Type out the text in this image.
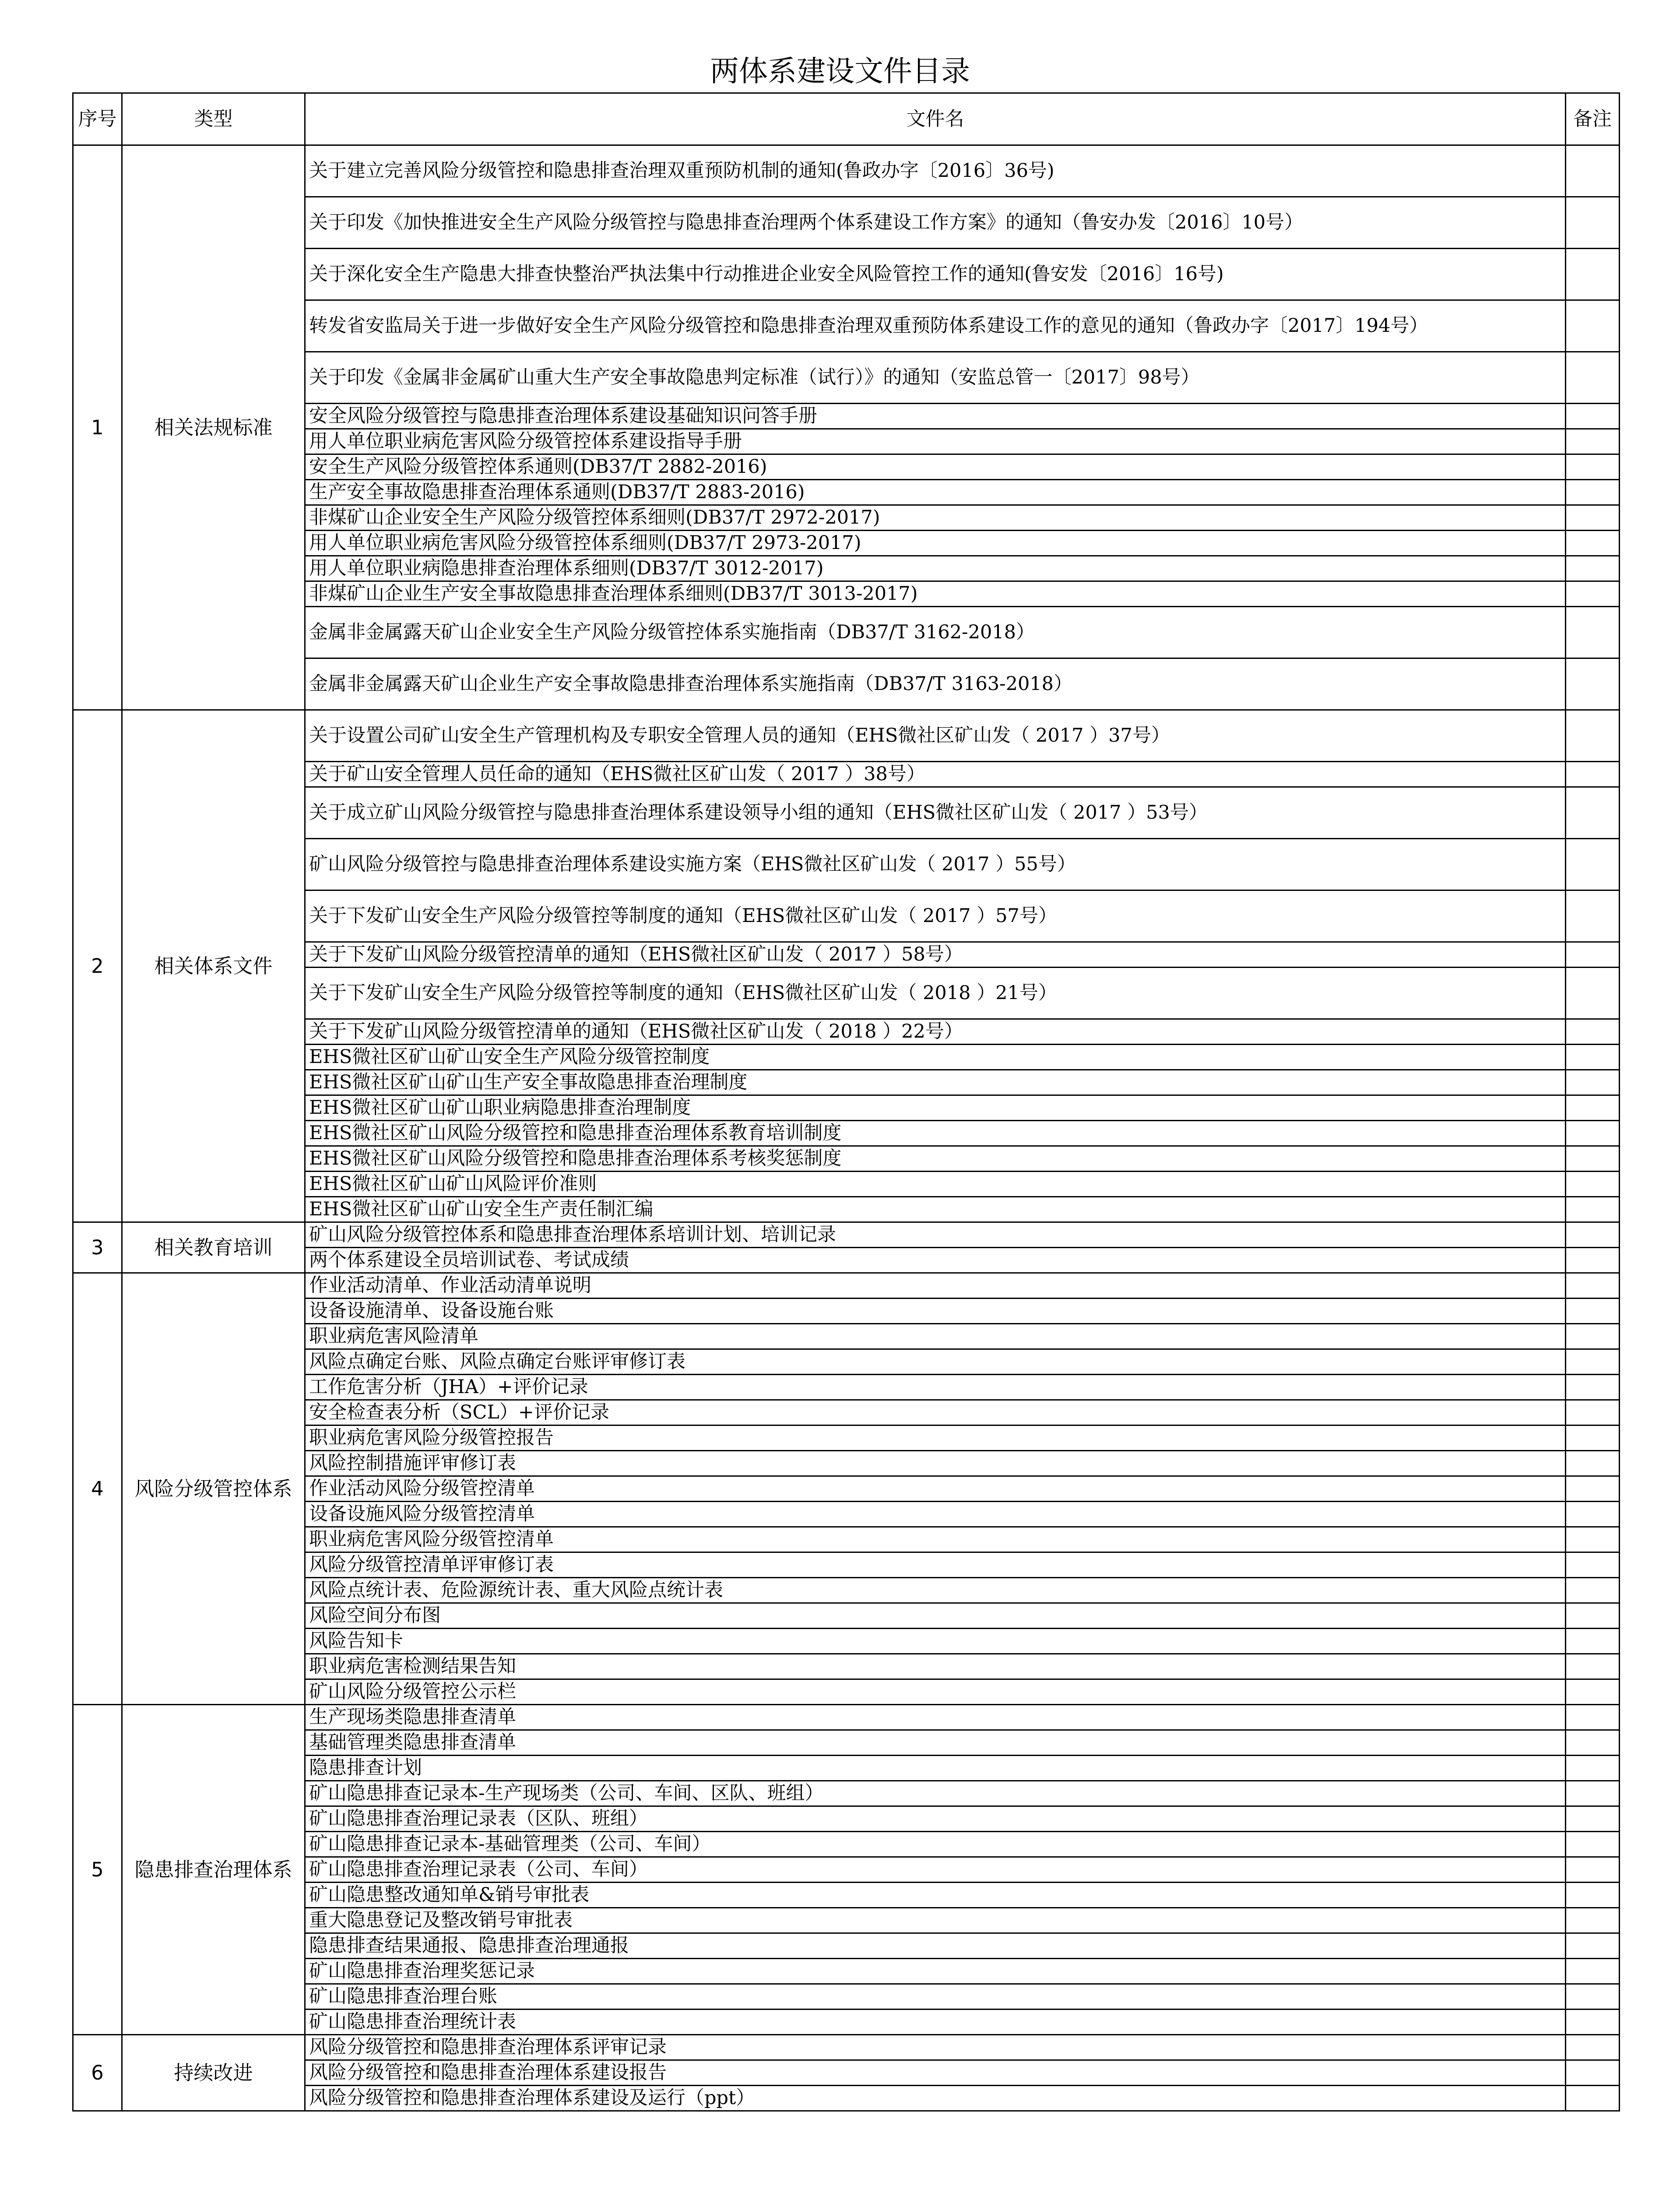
两体系建设文件目录
序号	类型	文件名	备注
1	相关法规标准	关于建立完善风险分级管控和隐患排查治理双重预防机制的通知(鲁政办字〔2016〕36号)	
		关于印发《加快推进安全生产风险分级管控与隐患排查治理两个体系建设工作方案》的通知（鲁安办发〔2016〕10号）	
		关于深化安全生产隐患大排查快整治严执法集中行动推进企业安全风险管控工作的通知(鲁安发〔2016〕16号)	
		转发省安监局关于进一步做好安全生产风险分级管控和隐患排查治理双重预防体系建设工作的意见的通知（鲁政办字〔2017〕194号）	
		关于印发《金属非金属矿山重大生产安全事故隐患判定标准（试行）》的通知（安监总管一〔2017〕98号）	
		安全风险分级管控与隐患排查治理体系建设基础知识问答手册	
		用人单位职业病危害风险分级管控体系建设指导手册	
		安全生产风险分级管控体系通则(DB37/T 2882-2016)	
		生产安全事故隐患排查治理体系通则(DB37/T 2883-2016)	
		非煤矿山企业安全生产风险分级管控体系细则(DB37/T 2972-2017)	
		用人单位职业病危害风险分级管控体系细则(DB37/T 2973-2017)	
		用人单位职业病隐患排查治理体系细则(DB37/T 3012-2017)	
		非煤矿山企业生产安全事故隐患排查治理体系细则(DB37/T 3013-2017)	
		金属非金属露天矿山企业安全生产风险分级管控体系实施指南（DB37/T 3162-2018）	
		金属非金属露天矿山企业生产安全事故隐患排查治理体系实施指南（DB37/T 3163-2018）	
2	相关体系文件	关于设置公司矿山安全生产管理机构及专职安全管理人员的通知（EHS微社区矿山发（ 2017 ）37号）	
		关于矿山安全管理人员任命的通知（EHS微社区矿山发（ 2017 ）38号）	
		关于成立矿山风险分级管控与隐患排查治理体系建设领导小组的通知（EHS微社区矿山发（ 2017 ）53号）	
		矿山风险分级管控与隐患排查治理体系建设实施方案（EHS微社区矿山发（ 2017 ）55号）	
		关于下发矿山安全生产风险分级管控等制度的通知（EHS微社区矿山发（ 2017 ）57号）	
		关于下发矿山风险分级管控清单的通知（EHS微社区矿山发（ 2017 ）58号）	
		关于下发矿山安全生产风险分级管控等制度的通知（EHS微社区矿山发（ 2018 ）21号）	
		关于下发矿山风险分级管控清单的通知（EHS微社区矿山发（ 2018 ）22号）	
		EHS微社区矿山矿山安全生产风险分级管控制度	
		EHS微社区矿山矿山生产安全事故隐患排查治理制度	
		EHS微社区矿山矿山职业病隐患排查治理制度	
		EHS微社区矿山风险分级管控和隐患排查治理体系教育培训制度	
		EHS微社区矿山风险分级管控和隐患排查治理体系考核奖惩制度	
		EHS微社区矿山矿山风险评价准则	
		EHS微社区矿山矿山安全生产责任制汇编	
3	相关教育培训	矿山风险分级管控体系和隐患排查治理体系培训计划、培训记录	
		两个体系建设全员培训试卷、考试成绩	
4	风险分级管控体系	作业活动清单、作业活动清单说明	
		设备设施清单、设备设施台账	
		职业病危害风险清单	
		风险点确定台账、风险点确定台账评审修订表	
		工作危害分析（JHA）+评价记录	
		安全检查表分析（SCL）+评价记录	
		职业病危害风险分级管控报告	
		风险控制措施评审修订表	
		作业活动风险分级管控清单	
		设备设施风险分级管控清单	
		职业病危害风险分级管控清单	
		风险分级管控清单评审修订表	
		风险点统计表、危险源统计表、重大风险点统计表	
		风险空间分布图	
		风险告知卡	
		职业病危害检测结果告知	
		矿山风险分级管控公示栏	
5	隐患排查治理体系	生产现场类隐患排查清单	
		基础管理类隐患排查清单	
		隐患排查计划	
		矿山隐患排查记录本-生产现场类（公司、车间、区队、班组）	
		矿山隐患排查治理记录表（区队、班组）	
		矿山隐患排查记录本-基础管理类（公司、车间）	
		矿山隐患排查治理记录表（公司、车间）	
		矿山隐患整改通知单&销号审批表	
		重大隐患登记及整改销号审批表	
		隐患排查结果通报、隐患排查治理通报	
		矿山隐患排查治理奖惩记录	
		矿山隐患排查治理台账	
		矿山隐患排查治理统计表	
6	持续改进	风险分级管控和隐患排查治理体系评审记录	
		风险分级管控和隐患排查治理体系建设报告	
		风险分级管控和隐患排查治理体系建设及运行（ppt）	
